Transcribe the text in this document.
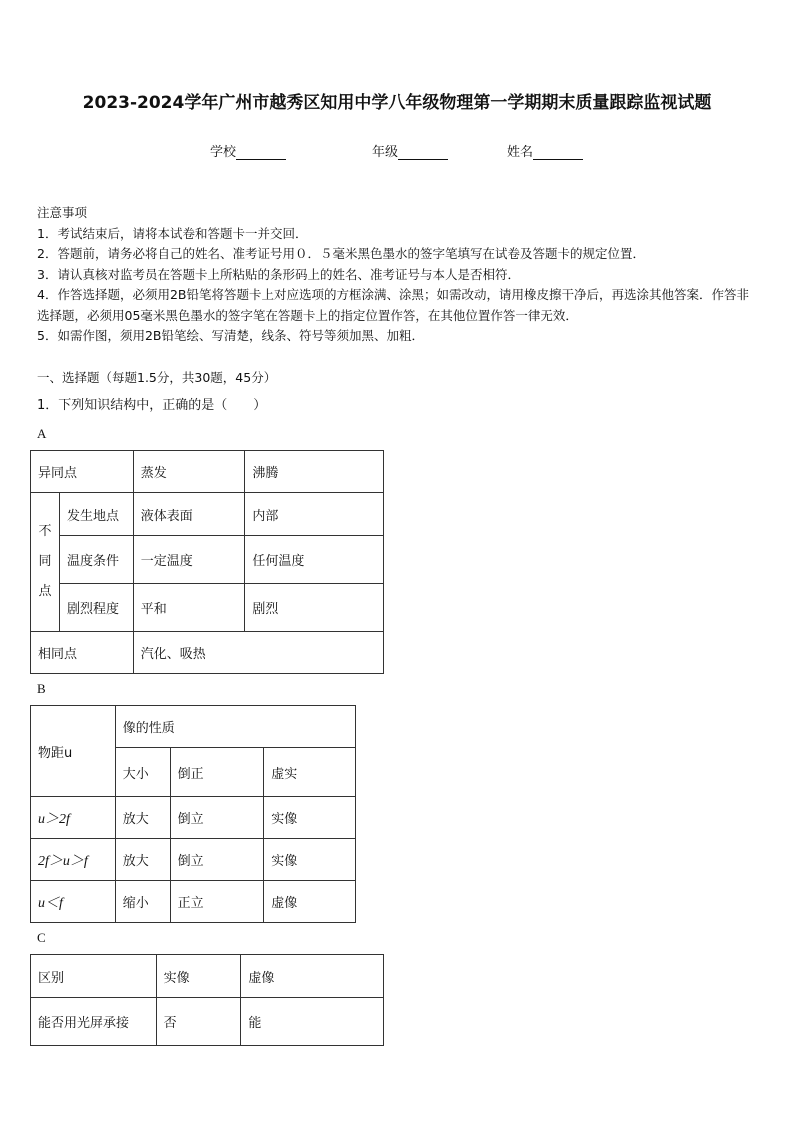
2023-2024学年广州市越秀区知用中学八年级物理第一学期期末质量跟踪监视试题
学校	年级	姓名
注意事项
1．考试结束后，请将本试卷和答题卡一并交回．
2．答题前，请务必将自己的姓名、准考证号用０．５毫米黑色墨水的签字笔填写在试卷及答题卡的规定位置．
3．请认真核对监考员在答题卡上所粘贴的条形码上的姓名、准考证号与本人是否相符．
4．作答选择题，必须用2B铅笔将答题卡上对应选项的方框涂满、涂黑；如需改动，请用橡皮擦干净后，再选涂其他答案．作答非选择题，必须用05毫米黑色墨水的签字笔在答题卡上的指定位置作答，在其他位置作答一律无效．
5．如需作图，须用2B铅笔绘、写清楚，线条、符号等须加黑、加粗．
一、选择题（每题1.5分，共30题，45分）
1．下列知识结构中，正确的是（　　）
A
异同点		蒸发	沸腾

不
同
点	发生地点	液体表面	内部
	温度条件	一定温度	任何温度
	剧烈程度	平和	剧烈
相同点		汽化、吸热	
B
物距u	像的性质		
	大小	倒正	虚实
u＞2f	放大	倒立	实像
2f＞u＞f	放大	倒立	实像
u＜f	缩小	正立	虚像
C
区别	实像	虚像
能否用光屏承接	否	能
